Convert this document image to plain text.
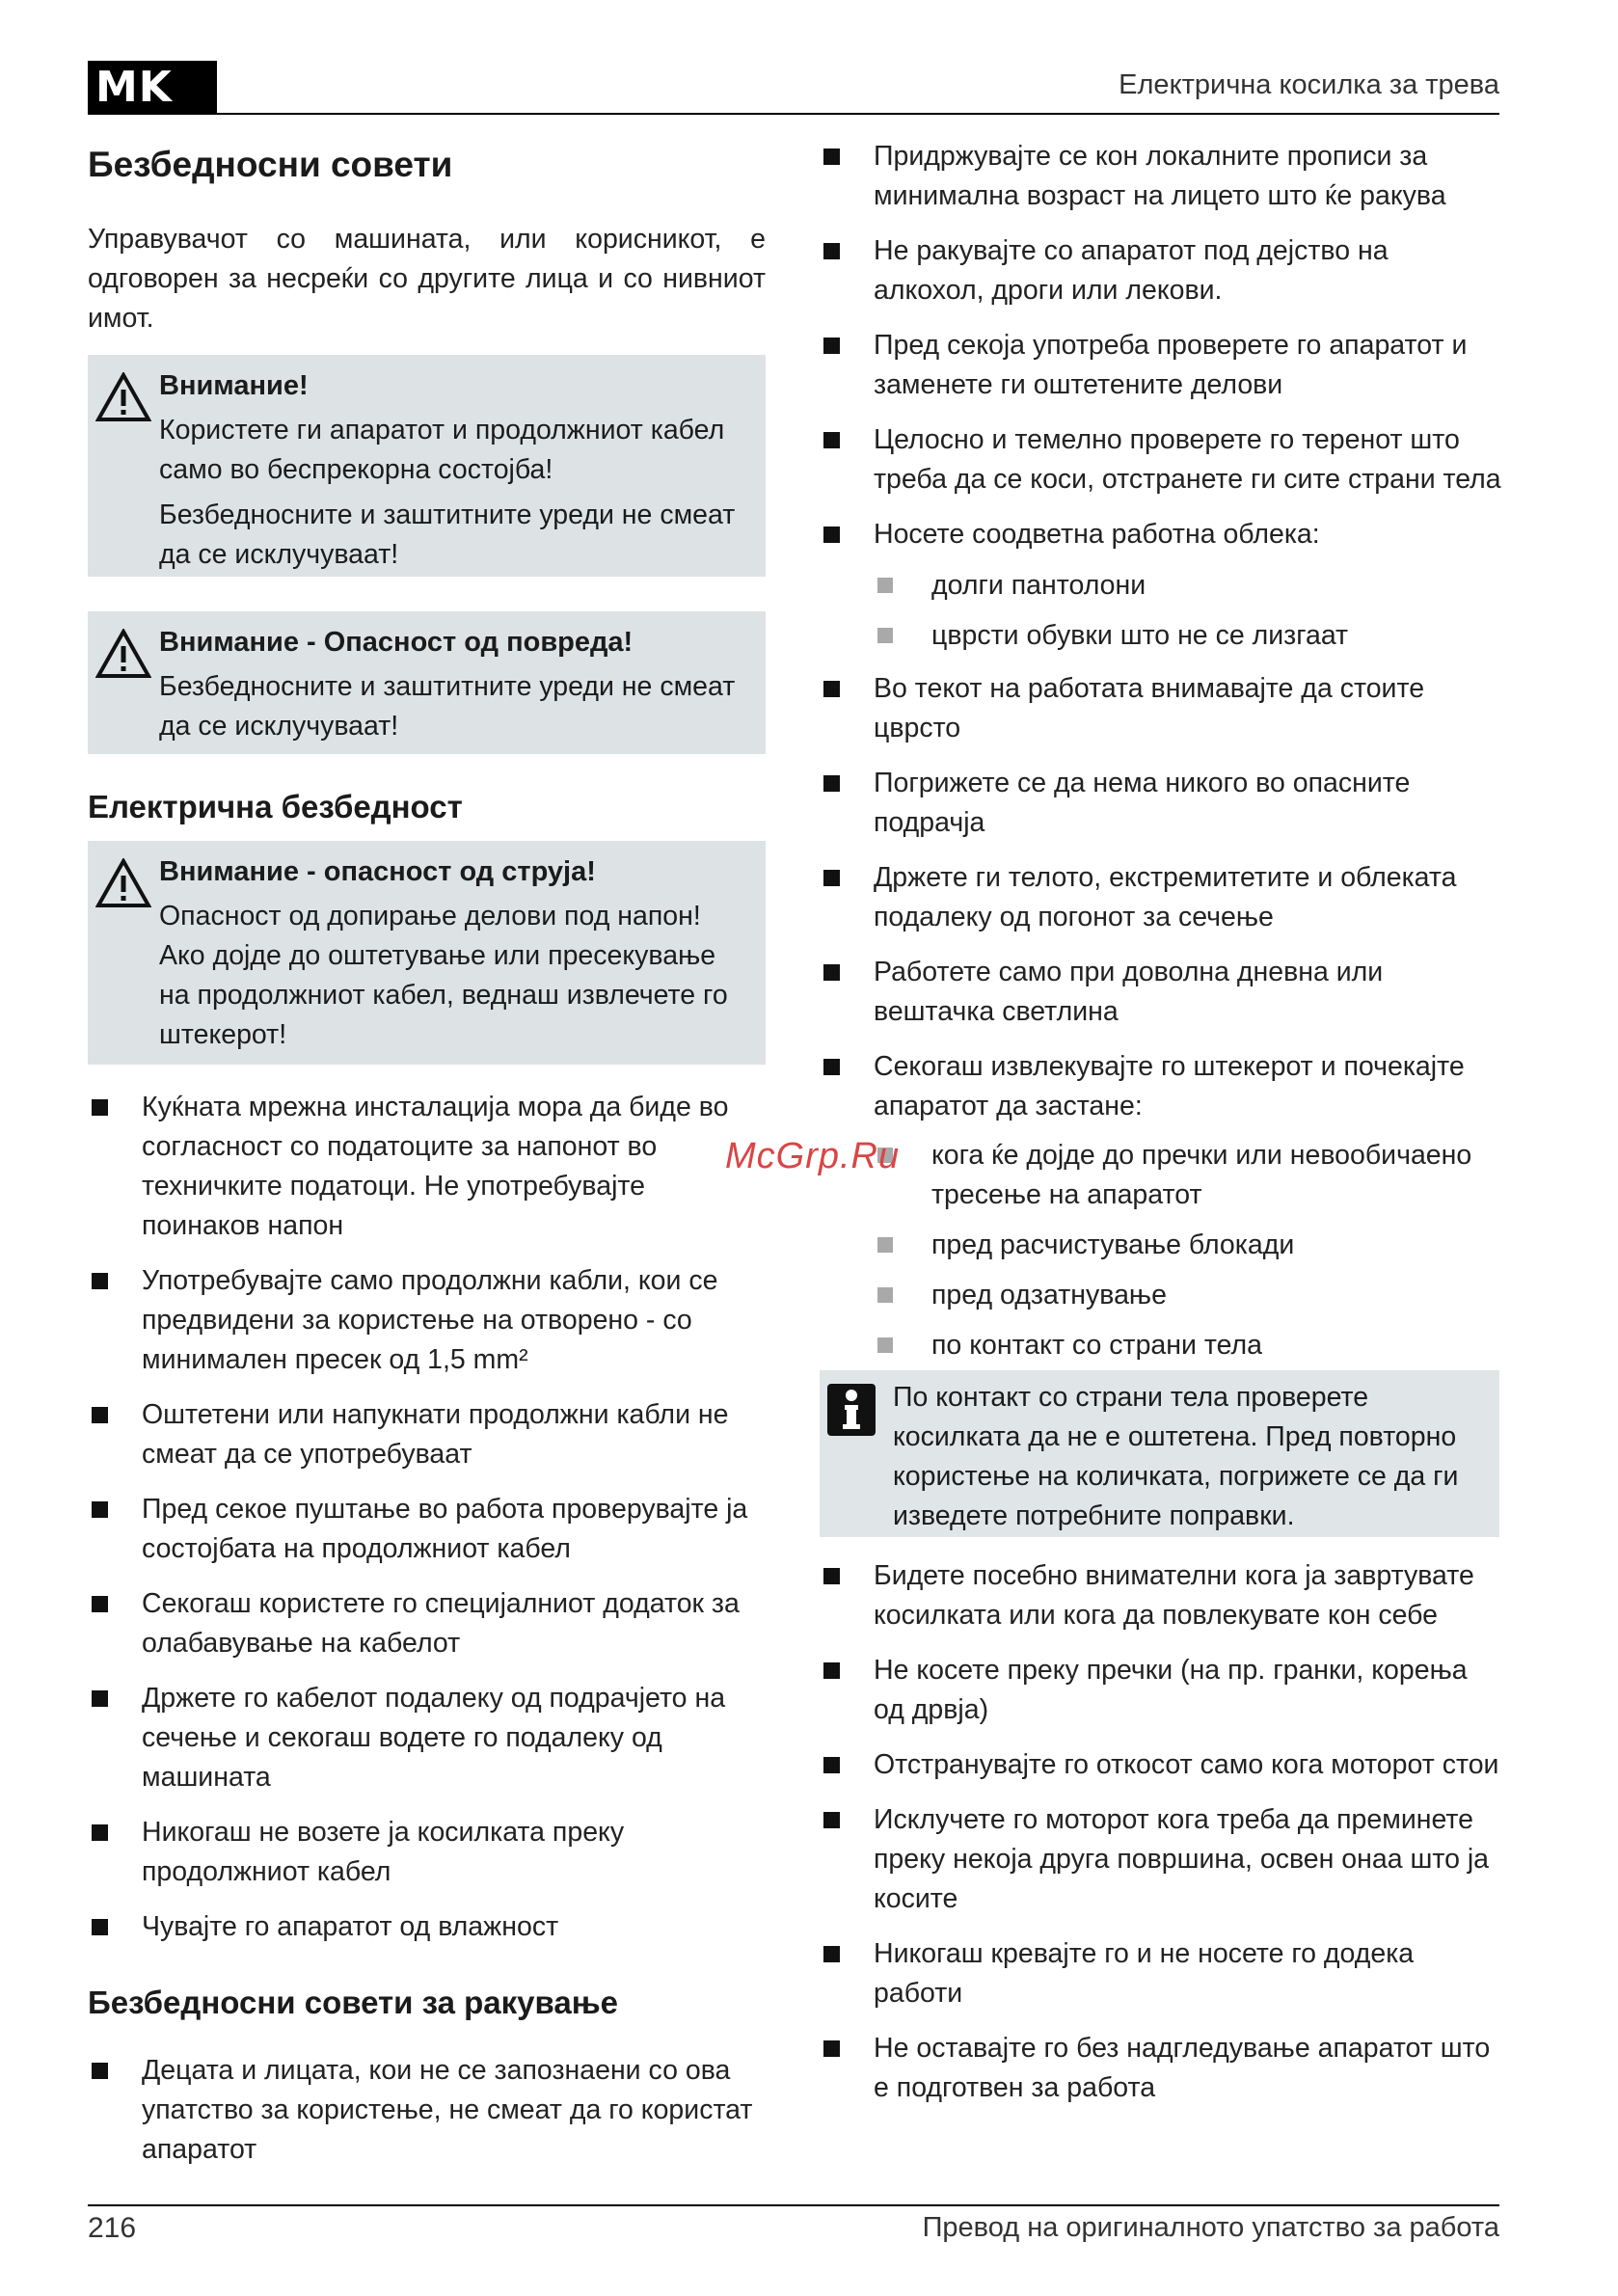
MK	Електрична косилка за трева
Безбедносни совети
Управувачот со машината, или корисникот, е одговорен за несреќи со другите лица и со нивниот имот.
Внимание!
Користете ги апаратот и продолжниот кабел само во беспрекорна состојба!
Безбедносните и заштитните уреди не смеат да се исклучуваат!
Внимание - Опасност од повреда!
Безбедносните и заштитните уреди не смеат да се исклучуваат!
Електрична безбедност
Внимание - опасност од струја!
Опасност од допирање делови под напон!
Ако дојде до оштетување или пресекување на продолжниот кабел, веднаш извлечете го штекерот!
Куќната мрежна инсталација мора да биде во согласност со податоците за напонот во техничките податоци. Не употребувајте поинаков напон
Употребувајте само продолжни кабли, кои се предвидени за користење на отворено - со минимален пресек од 1,5 mm²
Оштетени или напукнати продолжни кабли не смеат да се употребуваат
Пред секое пуштање во работа проверувајте ја состојбата на продолжниот кабел
Секогаш користете го специјалниот додаток за олабавување на кабелот
Држете го кабелот подалеку од подрачјето на сечење и секогаш водете го подалеку од машината
Никогаш не возете ја косилката преку продолжниот кабел
Чувајте го апаратот од влажност
Безбедносни совети за ракување
Децата и лицата, кои не се запознаени со ова упатство за користење, не смеат да го користат апаратот
Придржувајте се кон локалните прописи за минимална возраст на лицето што ќе ракува
Не ракувајте со апаратот под дејство на алкохол, дроги или лекови.
Пред секоја употреба проверете го апаратот и заменете ги оштетените делови
Целосно и темелно проверете го теренот што треба да се коси, отстранете ги сите страни тела
Носете соодветна работна облека:
долги пантолони
цврсти обувки што не се лизгаат
Во текот на работата внимавајте да стоите цврсто
Погрижете се да нема никого во опасните подрачја
Држете ги телото, екстремитетите и облеката подалеку од погонот за сечење
Работете само при доволна дневна или вештачка светлина
Секогаш извлекувајте го штекерот и почекајте апаратот да застане:
кога ќе дојде до пречки или невообичаено тресење на апаратот
пред расчистување блокади
пред одзатнување
по контакт со страни тела
По контакт со страни тела проверете косилката да не е оштетена. Пред повторно користење на количката, погрижете се да ги изведете потребните поправки.
Бидете посебно внимателни кога ја завртувате косилката или кога да повлекувате кон себе
Не косете преку пречки (на пр. гранки, корења од дрвја)
Отстранувајте го откосот само кога моторот стои
Исклучете го моторот кога треба да преминете преку некоја друга површина, освен онаа што ја косите
Никогаш кревајте го и не носете го додека работи
Не оставајте го без надгледување апаратот што е подготвен за работа
McGrp.Ru
216	Превод на оригиналното упатство за работа
